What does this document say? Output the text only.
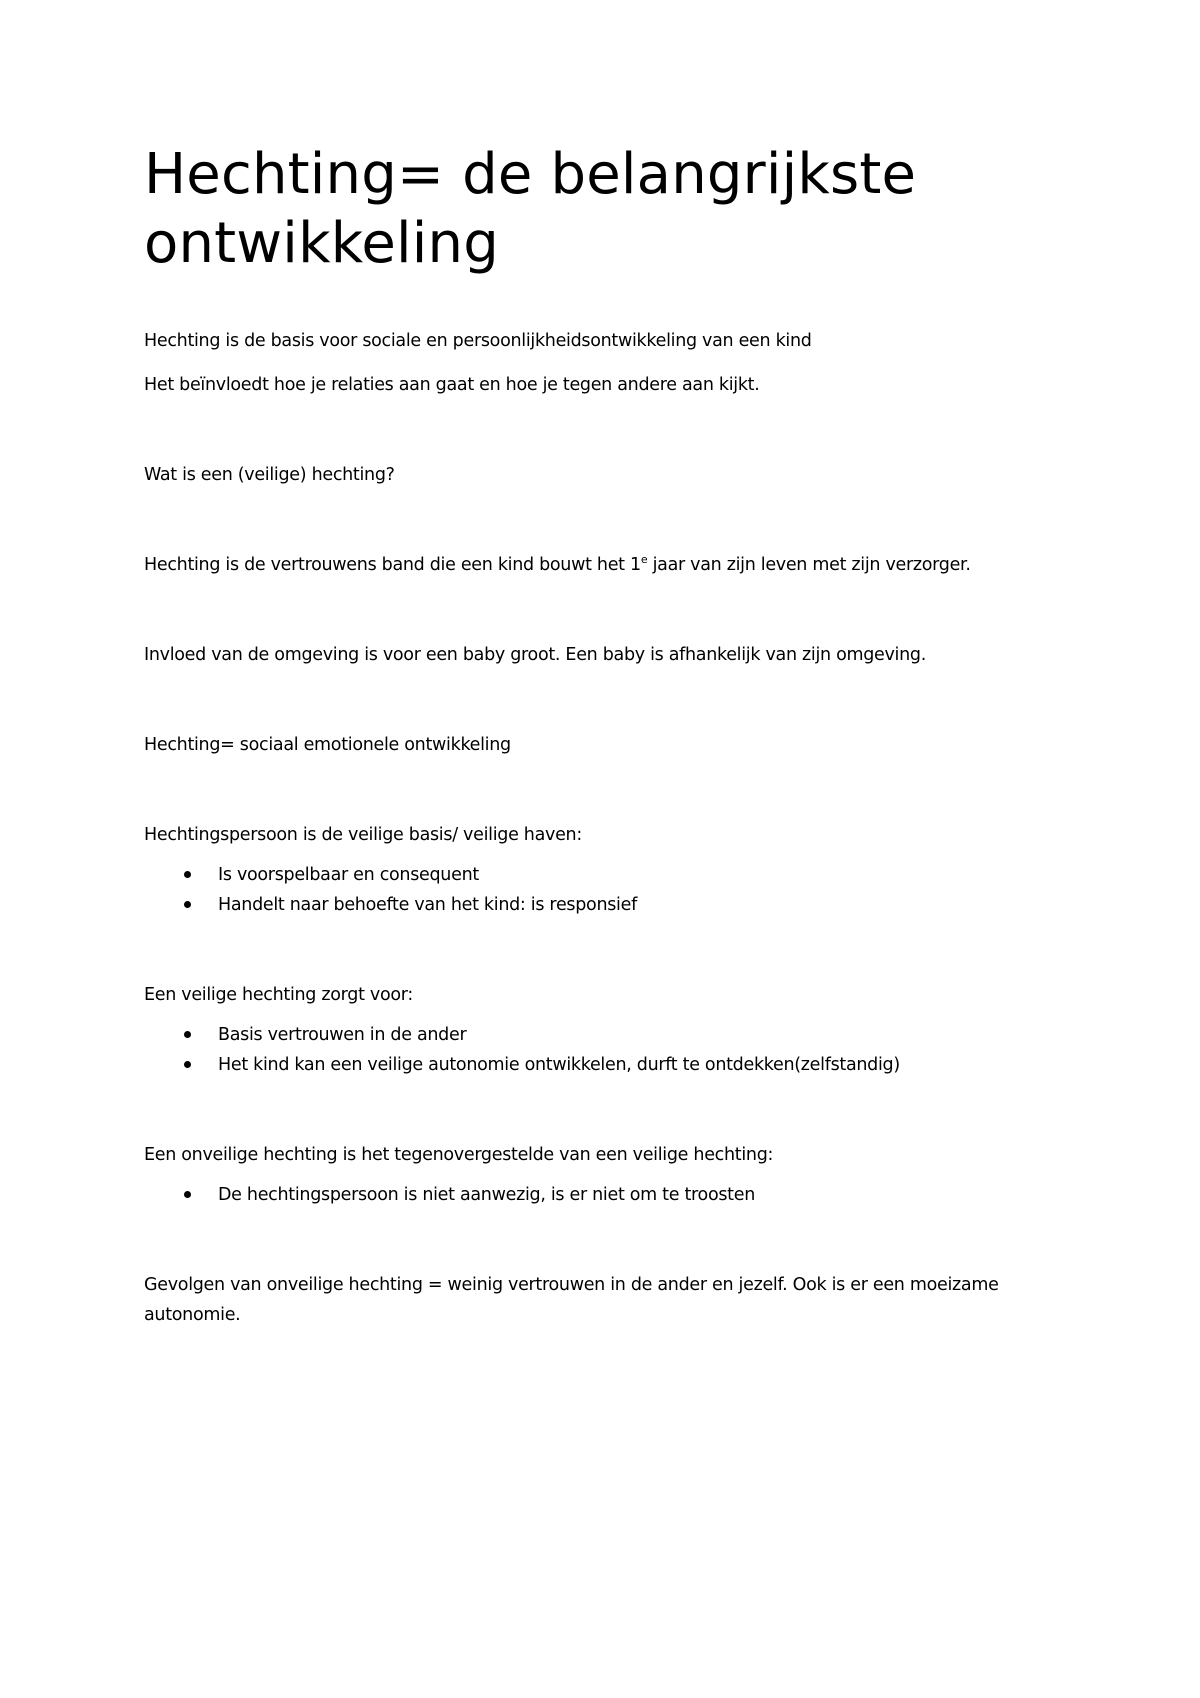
Hechting= de belangrijkste ontwikkeling

Hechting is de basis voor sociale en persoonlijkheidsontwikkeling van een kind

Het beïnvloedt hoe je relaties aan gaat en hoe je tegen andere aan kijkt.

Wat is een (veilige) hechting?

Hechting is de vertrouwens band die een kind bouwt het 1e jaar van zijn leven met zijn verzorger.

Invloed van de omgeving is voor een baby groot. Een baby is afhankelijk van zijn omgeving.

Hechting= sociaal emotionele ontwikkeling

Hechtingspersoon is de veilige basis/ veilige haven:

Is voorspelbaar en consequent
Handelt naar behoefte van het kind: is responsief

Een veilige hechting zorgt voor:

Basis vertrouwen in de ander
Het kind kan een veilige autonomie ontwikkelen, durft te ontdekken(zelfstandig)

Een onveilige hechting is het tegenovergestelde van een veilige hechting:

De hechtingspersoon is niet aanwezig, is er niet om te troosten

Gevolgen van onveilige hechting = weinig vertrouwen in de ander en jezelf. Ook is er een moeizame autonomie.
